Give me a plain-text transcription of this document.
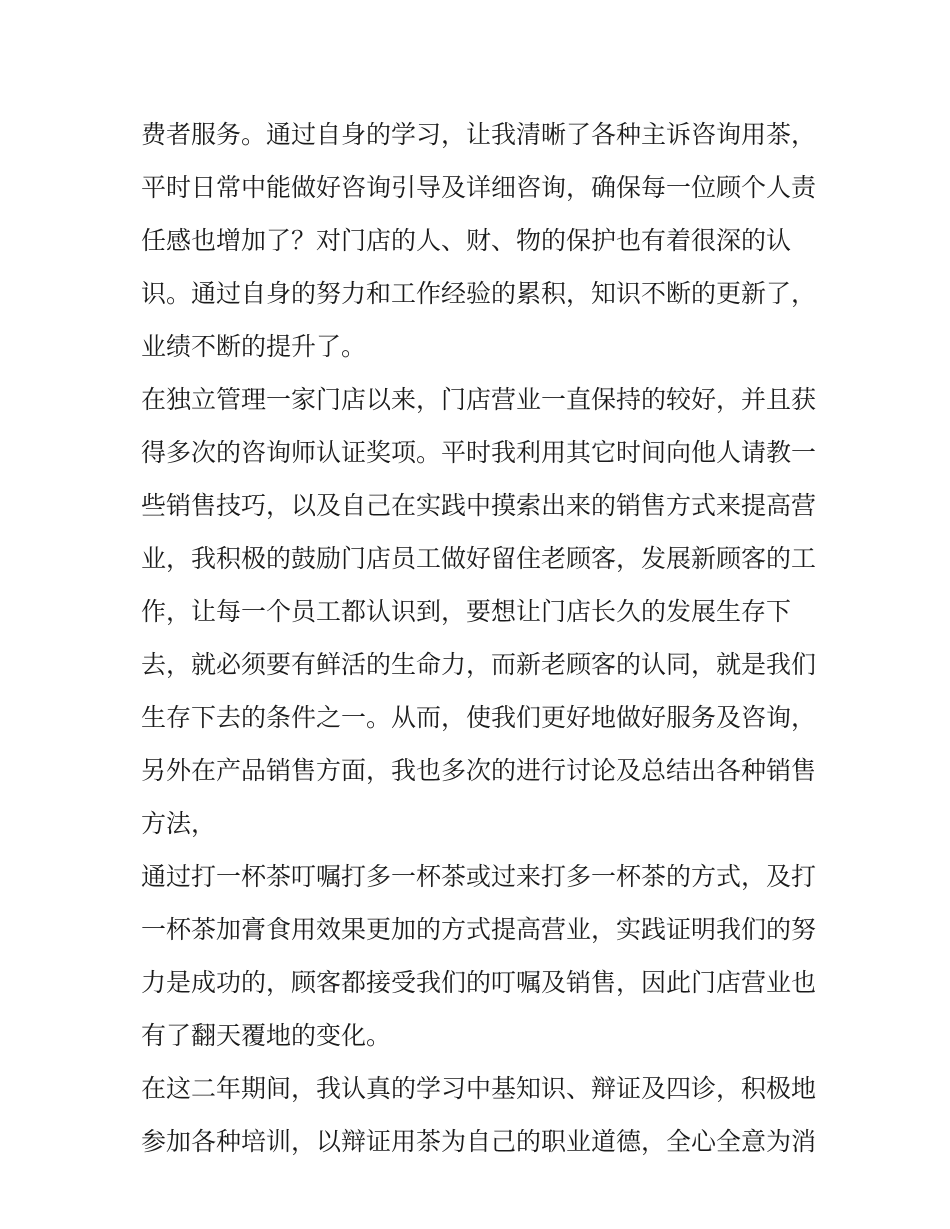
费者服务。通过自身的学习，让我清晰了各种主诉咨询用茶，
平时日常中能做好咨询引导及详细咨询，确保每一位顾个人责
任感也增加了？对门店的人、财、物的保护也有着很深的认
识。通过自身的努力和工作经验的累积，知识不断的更新了，
业绩不断的提升了。
在独立管理一家门店以来，门店营业一直保持的较好，并且获
得多次的咨询师认证奖项。平时我利用其它时间向他人请教一
些销售技巧，以及自己在实践中摸索出来的销售方式来提高营
业，我积极的鼓励门店员工做好留住老顾客，发展新顾客的工
作，让每一个员工都认识到，要想让门店长久的发展生存下
去，就必须要有鲜活的生命力，而新老顾客的认同，就是我们
生存下去的条件之一。从而，使我们更好地做好服务及咨询，
另外在产品销售方面，我也多次的进行讨论及总结出各种销售
方法，
通过打一杯茶叮嘱打多一杯茶或过来打多一杯茶的方式，及打
一杯茶加膏食用效果更加的方式提高营业，实践证明我们的努
力是成功的，顾客都接受我们的叮嘱及销售，因此门店营业也
有了翻天覆地的变化。
在这二年期间，我认真的学习中基知识、辩证及四诊，积极地
参加各种培训，以辩证用茶为自己的职业道德，全心全意为消
